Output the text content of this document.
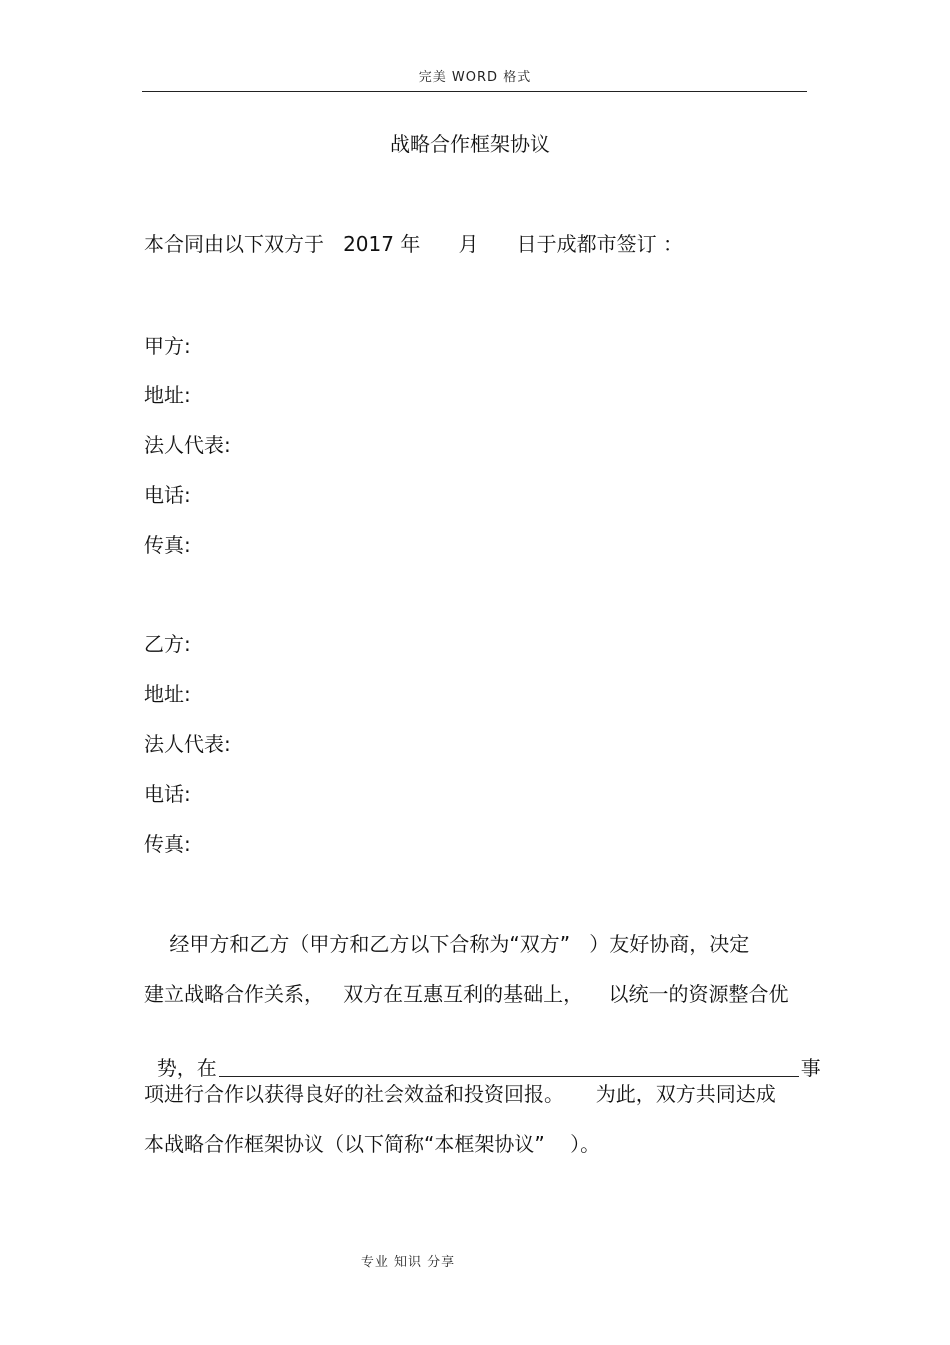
完美 WORD 格式
战略合作框架协议
本合同由以下双方于   2017 年      月      日于成都市签订 ：
甲方:
地址:
法人代表:
电话:
传真:
乙方:
地址:
法人代表:
电话:
传真:
经甲方和乙方（甲方和乙方以下合称为“双方”   ）友好协商，决定
建立战略合作关系，   双方在互惠互利的基础上，    以统一的资源整合优

势，在	事

项进行合作以获得良好的社会效益和投资回报。     为此，双方共同达成
本战略合作框架协议（以下简称“本框架协议”    ）。
专业 知识 分享
